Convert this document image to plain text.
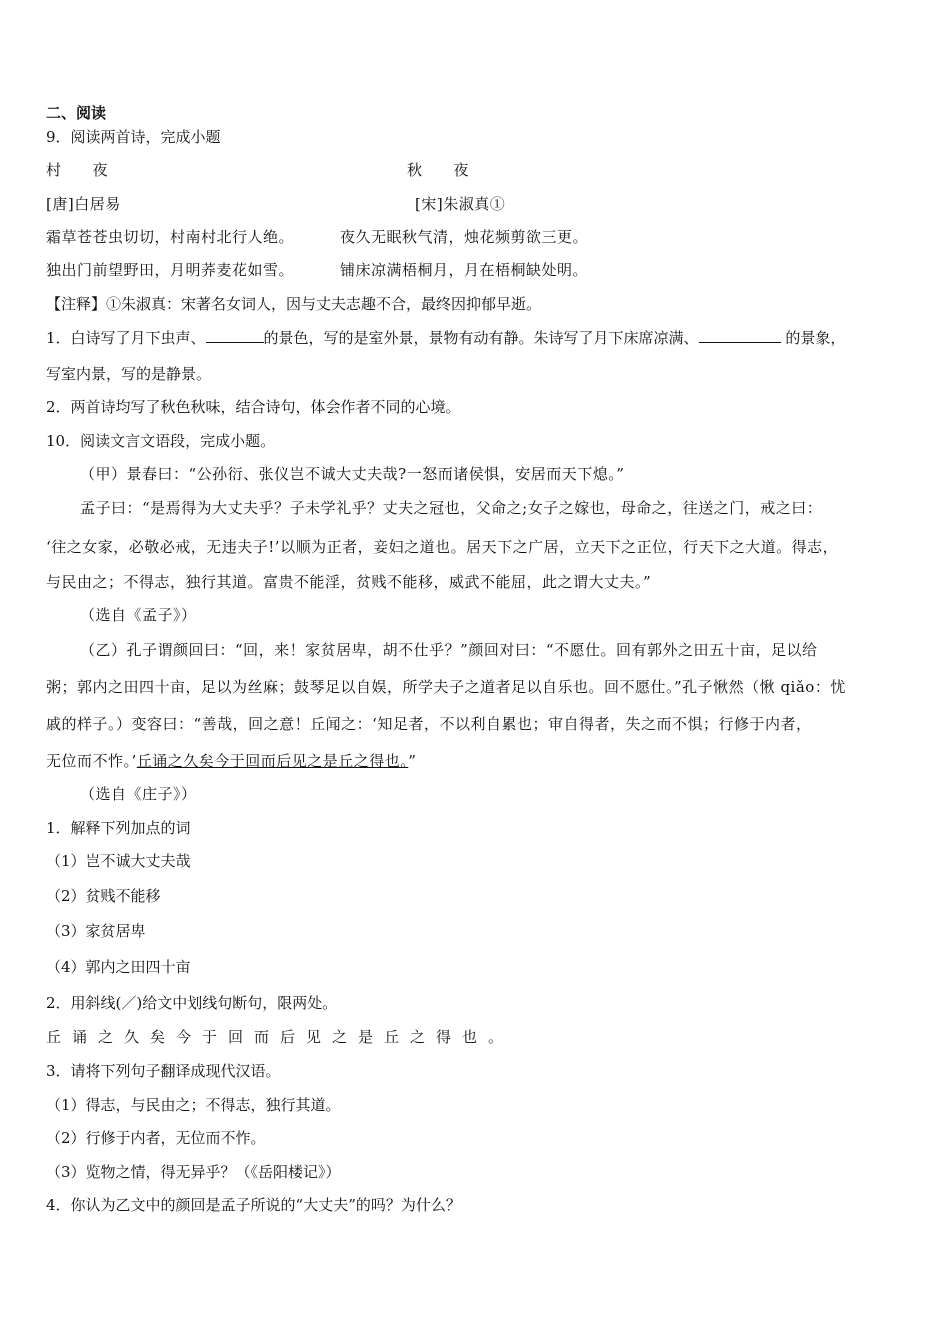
二、阅读
9．阅读两首诗，完成小题
村　　夜	秋　　夜
[唐]白居易	[宋]朱淑真①
霜草苍苍虫切切，村南村北行人绝。	夜久无眠秋气清，烛花频剪欲三更。
独出门前望野田，月明荞麦花如雪。	铺床凉满梧桐月，月在梧桐缺处明。
【注释】①朱淑真：宋著名女词人，因与丈夫志趣不合，最终因抑郁早逝。
1．白诗写了月下虫声、	的景色，写的是室外景，景物有动有静。朱诗写了月下床席凉满、	的景象，
写室内景，写的是静景。
2．两首诗均写了秋色秋味，结合诗句，体会作者不同的心境。
10．阅读文言文语段，完成小题。
（甲）景春曰：“公孙衍、张仪岂不诚大丈夫哉?一怒而诸侯惧，安居而天下熄。”
孟子曰：“是焉得为大丈夫乎？子未学礼乎？丈夫之冠也，父命之;女子之嫁也，母命之，往送之门，戒之曰：
‘往之女家，必敬必戒，无违夫子!’以顺为正者，妾妇之道也。居天下之广居，立天下之正位，行天下之大道。得志，
与民由之；不得志，独行其道。富贵不能淫，贫贱不能移，威武不能屈，此之谓大丈夫。”
（选自《孟子》）
（乙）孔子谓颜回曰：“回，来！家贫居卑，胡不仕乎？”颜回对曰：“不愿仕。回有郭外之田五十亩，足以给
粥；郭内之田四十亩，足以为丝麻；鼓琴足以自娱，所学夫子之道者足以自乐也。回不愿仕。”孔子愀然（愀 qiǎo：忧
戚的样子。）变容曰：“善哉，回之意！丘闻之：‘知足者，不以利自累也；审自得者，失之而不惧；行修于内者，
无位而不怍。’丘诵之久矣今于回而后见之是丘之得也。”
（选自《庄子》）
1．解释下列加点的词
（1）岂不诚大丈夫哉
（2）贫贱不能移
（3）家贫居卑
（4）郭内之田四十亩
2．用斜线(／)给文中划线句断句，限两处。
丘诵之久矣今于回而后见之是丘之得也。
3．请将下列句子翻译成现代汉语。
（1）得志，与民由之；不得志，独行其道。
（2）行修于内者，无位而不怍。
（3）览物之情，得无异乎？（《岳阳楼记》）
4．你认为乙文中的颜回是孟子所说的“大丈夫”的吗？为什么？
